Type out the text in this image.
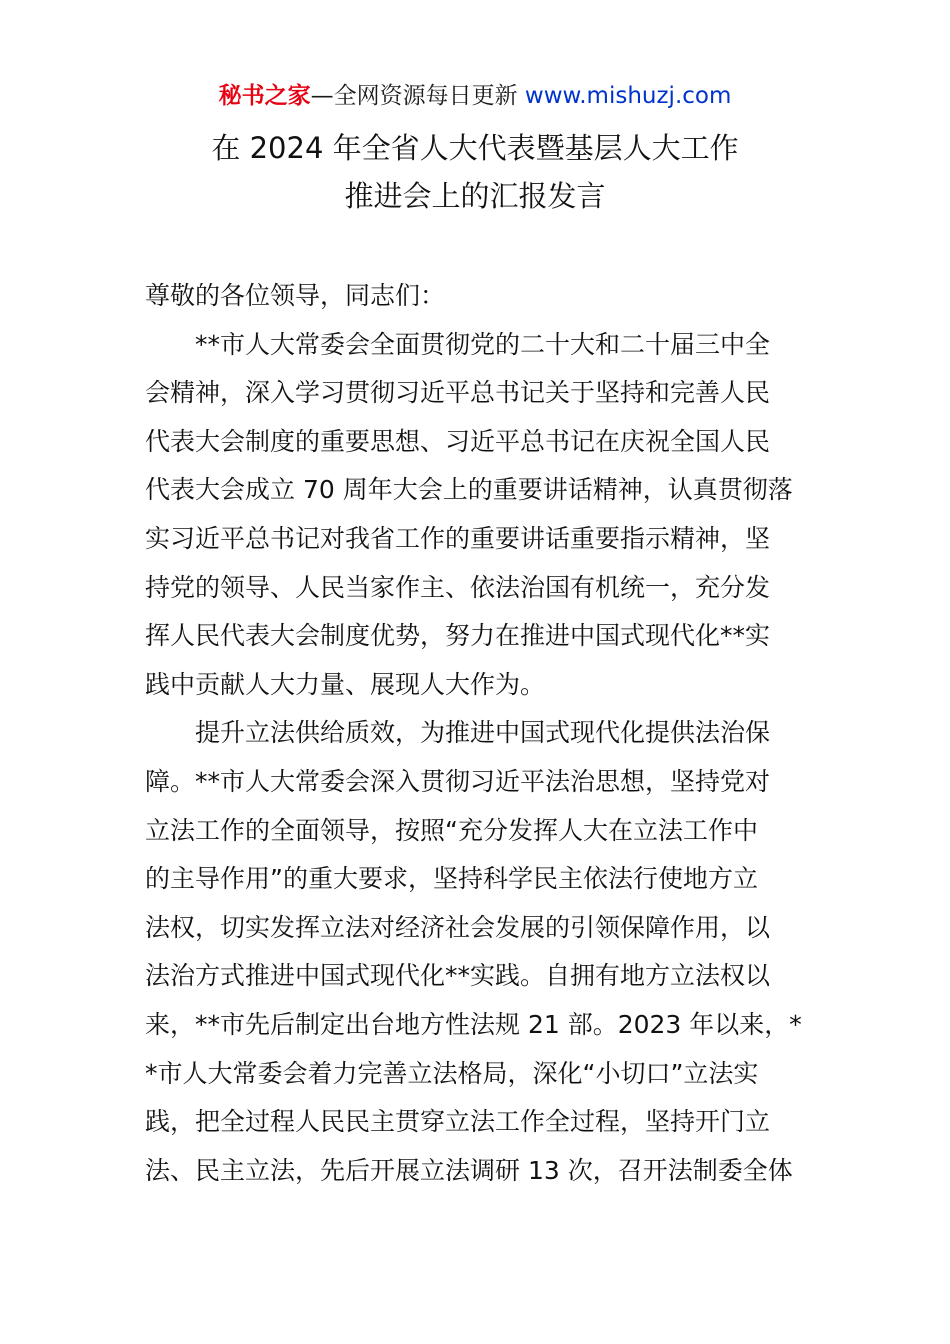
秘书之家—全网资源每日更新 www.mishuzj.com
在 2024 年全省人大代表暨基层人大工作
推进会上的汇报发言
尊敬的各位领导，同志们：
**市人大常委会全面贯彻党的二十大和二十届三中全
会精神，深入学习贯彻习近平总书记关于坚持和完善人民
代表大会制度的重要思想、习近平总书记在庆祝全国人民
代表大会成立 70 周年大会上的重要讲话精神，认真贯彻落
实习近平总书记对我省工作的重要讲话重要指示精神，坚
持党的领导、人民当家作主、依法治国有机统一，充分发
挥人民代表大会制度优势，努力在推进中国式现代化**实
践中贡献人大力量、展现人大作为。
提升立法供给质效，为推进中国式现代化提供法治保
障。**市人大常委会深入贯彻习近平法治思想，坚持党对
立法工作的全面领导，按照“充分发挥人大在立法工作中
的主导作用”的重大要求，坚持科学民主依法行使地方立
法权，切实发挥立法对经济社会发展的引领保障作用，以
法治方式推进中国式现代化**实践。自拥有地方立法权以
来，**市先后制定出台地方性法规 21 部。2023 年以来，*
*市人大常委会着力完善立法格局，深化“小切口”立法实
践，把全过程人民民主贯穿立法工作全过程，坚持开门立
法、民主立法，先后开展立法调研 13 次，召开法制委全体
